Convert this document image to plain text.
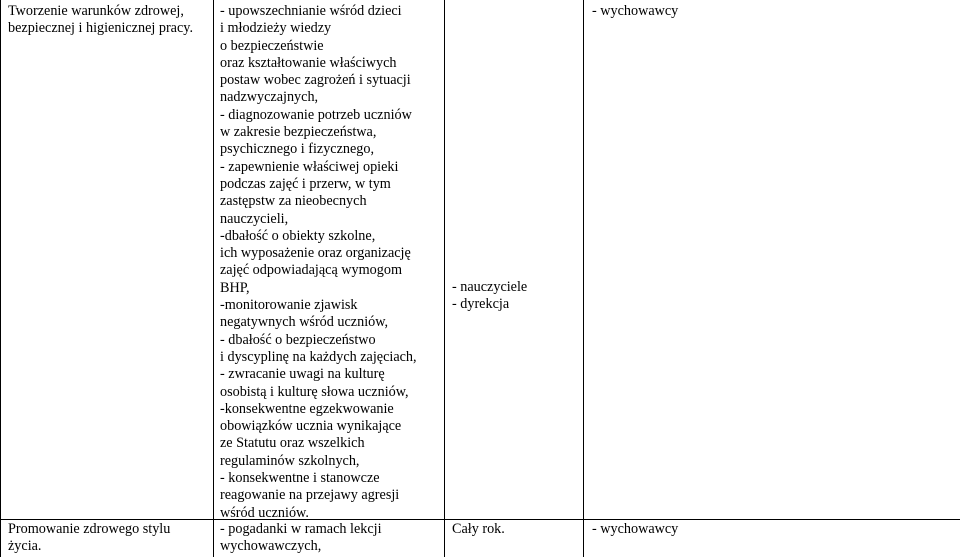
Tworzenie warunków zdrowej,
bezpiecznej i higienicznej pracy.
- upowszechnianie wśród dzieci
i młodzieży wiedzy
o bezpieczeństwie
oraz kształtowanie właściwych
postaw wobec zagrożeń i sytuacji
nadzwyczajnych,
- diagnozowanie potrzeb uczniów
w zakresie bezpieczeństwa,
psychicznego i fizycznego,
- zapewnienie właściwej opieki
podczas zajęć i przerw, w tym
zastępstw za nieobecnych
nauczycieli,
-dbałość o obiekty szkolne,
ich wyposażenie oraz organizację
zajęć odpowiadającą wymogom
BHP,
-monitorowanie zjawisk
negatywnych wśród uczniów,
- dbałość o bezpieczeństwo
i dyscyplinę na każdych zajęciach,
- zwracanie uwagi na kulturę
osobistą i kulturę słowa uczniów,
-konsekwentne egzekwowanie
obowiązków ucznia wynikające
ze Statutu oraz wszelkich
regulaminów szkolnych,
- konsekwentne i stanowcze
reagowanie na przejawy agresji
wśród uczniów.
- nauczyciele
- dyrekcja
- wychowawcy
Promowanie zdrowego stylu
życia.
- pogadanki w ramach lekcji
wychowawczych,
Cały rok.	- wychowawcy
